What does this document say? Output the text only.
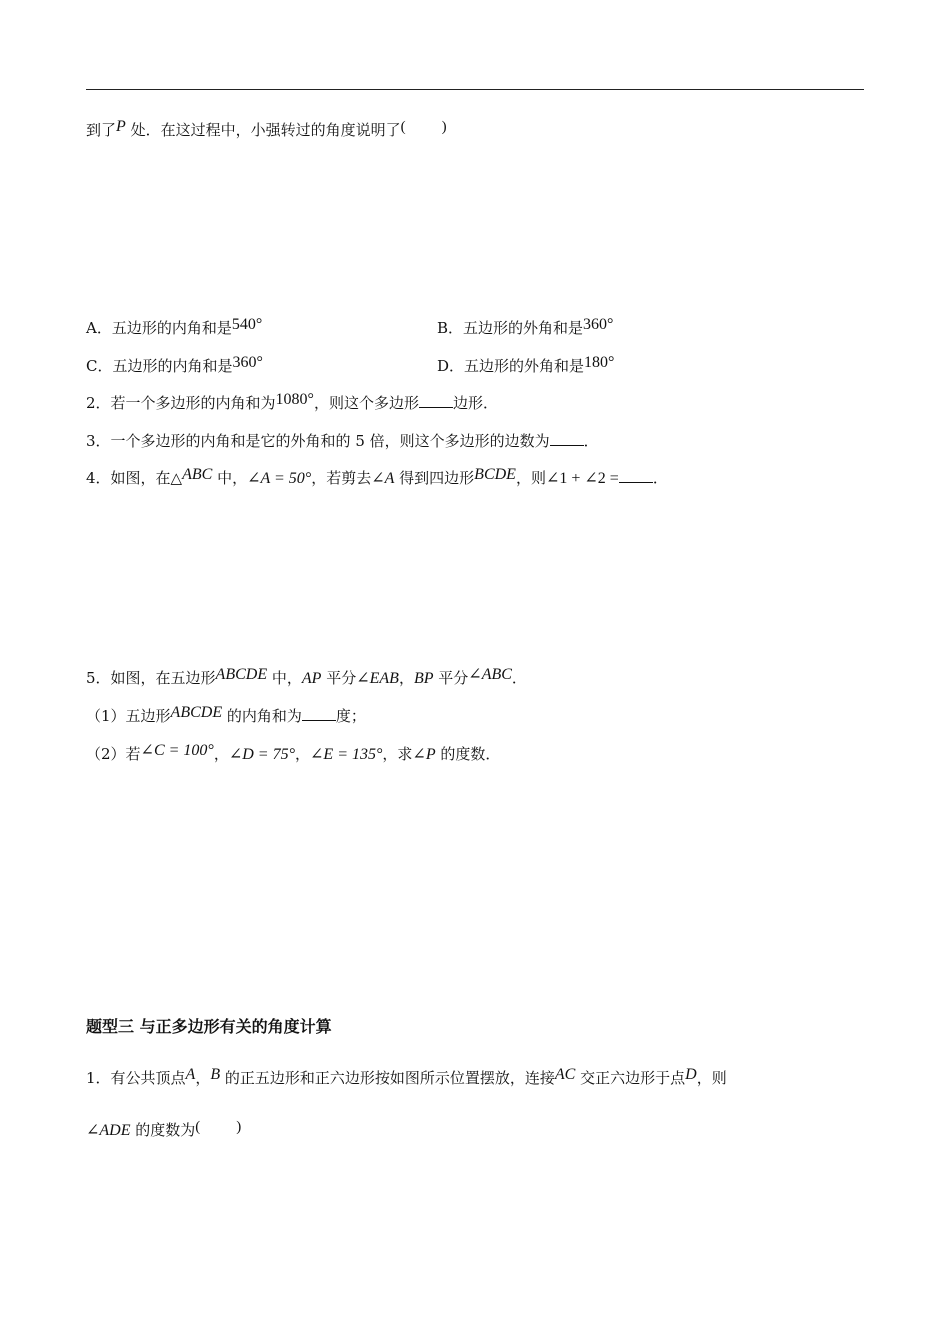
到了P 处．在这过程中，小强转过的角度说明了( )
A．五边形的内角和是540°	B．五边形的外角和是360°
C．五边形的内角和是360°	D．五边形的外角和是180°
2．若一个多边形的内角和为1080°，则这个多边形 边形．
3．一个多边形的内角和是它的外角和的 5 倍，则这个多边形的边数为 ．
4．如图，在△ABC 中，∠A = 50°，若剪去∠A 得到四边形BCDE，则∠1 + ∠2 = ．
5．如图，在五边形ABCDE 中，AP 平分∠EAB，BP 平分∠ABC．
（1）五边形ABCDE 的内角和为 度；
（2）若∠C = 100°，∠D = 75°，∠E = 135°，求∠P 的度数．
题型三 与正多边形有关的角度计算
1．有公共顶点A，B 的正五边形和正六边形按如图所示位置摆放，连接AC 交正六边形于点D，则
∠ADE 的度数为( )
